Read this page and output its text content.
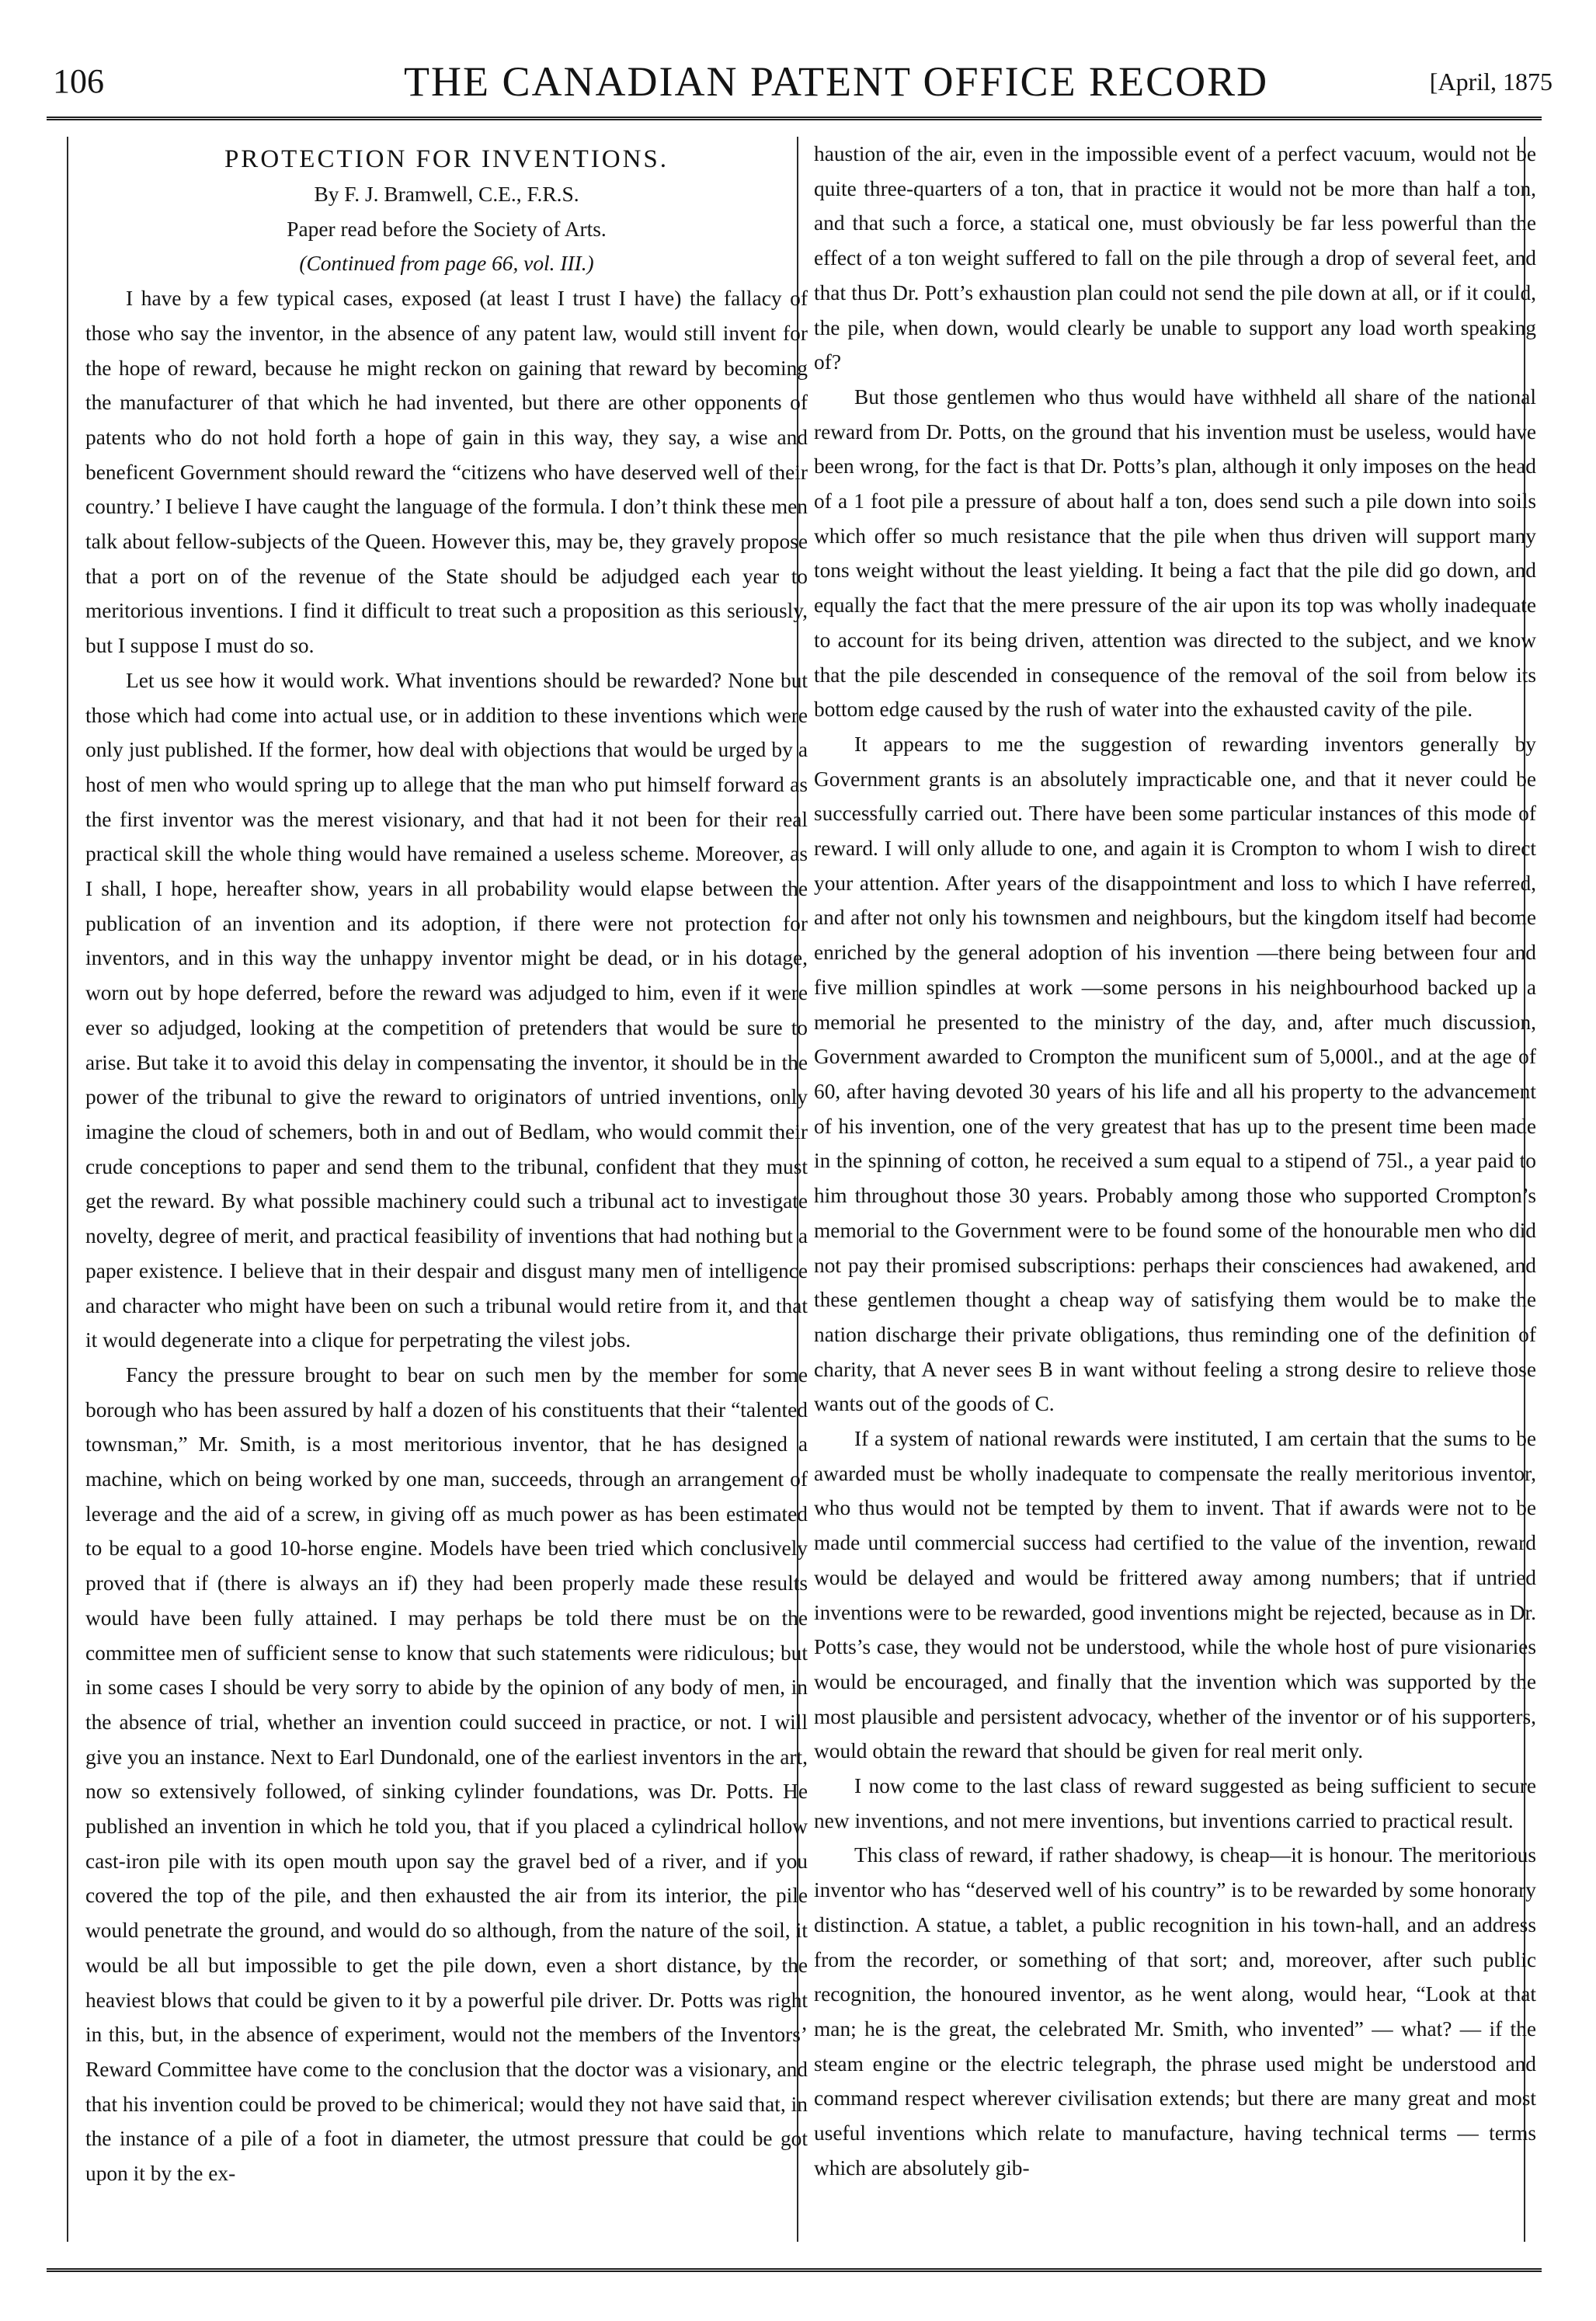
106	THE CANADIAN PATENT OFFICE RECORD	[April, 1875
PROTECTION FOR INVENTIONS.
By F. J. Bramwell, C.E., F.R.S.
Paper read before the Society of Arts.
(Continued from page 66, vol. III.)

I have by a few typical cases, exposed (at least I trust I have) the fallacy of those who say the inventor, in the absence of any patent law, would still invent for the hope of reward, because he might reckon on gaining that reward by becoming the manufacturer of that which he had invented, but there are other opponents of patents who do not hold forth a hope of gain in this way, they say, a wise and beneficent Government should reward the “citizens who have deserved well of their country.’ I believe I have caught the language of the formula. I don’t think these men talk about fellow-subjects of the Queen. However this, may be, they gravely propose that a port on of the revenue of the State should be adjudged each year to meritorious inventions. I find it difficult to treat such a proposition as this seriously, but I suppose I must do so.

Let us see how it would work. What inventions should be rewarded? None but those which had come into actual use, or in addition to these inventions which were only just published. If the former, how deal with objections that would be urged by a host of men who would spring up to allege that the man who put himself forward as the first inventor was the merest visionary, and that had it not been for their real practical skill the whole thing would have remained a useless scheme. Moreover, as I shall, I hope, hereafter show, years in all probability would elapse between the publication of an invention and its adoption, if there were not protection for inventors, and in this way the unhappy inventor might be dead, or in his dotage, worn out by hope deferred, before the reward was adjudged to him, even if it were ever so adjudged, looking at the competition of pretenders that would be sure to arise. But take it to avoid this delay in compensating the inventor, it should be in the power of the tribunal to give the reward to originators of untried inventions, only imagine the cloud of schemers, both in and out of Bedlam, who would commit their crude conceptions to paper and send them to the tribunal, confident that they must get the reward. By what possible machinery could such a tribunal act to investigate novelty, degree of merit, and practical feasibility of inventions that had nothing but a paper existence. I believe that in their despair and disgust many men of intelligence and character who might have been on such a tribunal would retire from it, and that it would degenerate into a clique for perpetrating the vilest jobs.

Fancy the pressure brought to bear on such men by the member for some borough who has been assured by half a dozen of his constituents that their “talented townsman,” Mr. Smith, is a most meritorious inventor, that he has designed a machine, which on being worked by one man, succeeds, through an arrangement of leverage and the aid of a screw, in giving off as much power as has been estimated to be equal to a good 10-horse engine. Models have been tried which conclusively proved that if (there is always an if) they had been properly made these results would have been fully attained. I may perhaps be told there must be on the committee men of sufficient sense to know that such statements were ridiculous; but in some cases I should be very sorry to abide by the opinion of any body of men, in the absence of trial, whether an invention could succeed in practice, or not. I will give you an instance. Next to Earl Dundonald, one of the earliest inventors in the art, now so extensively followed, of sinking cylinder foundations, was Dr. Potts. He published an invention in which he told you, that if you placed a cylindrical hollow cast-iron pile with its open mouth upon say the gravel bed of a river, and if you covered the top of the pile, and then exhausted the air from its interior, the pile would penetrate the ground, and would do so although, from the nature of the soil, it would be all but impossible to get the pile down, even a short distance, by the heaviest blows that could be given to it by a powerful pile driver. Dr. Potts was right in this, but, in the absence of experiment, would not the members of the Inventors’ Reward Committee have come to the conclusion that the doctor was a visionary, and that his invention could be proved to be chimerical; would they not have said that, in the instance of a pile of a foot in diameter, the utmost pressure that could be got upon it by the ex-

haustion of the air, even in the impossible event of a perfect vacuum, would not be quite three-quarters of a ton, that in practice it would not be more than half a ton, and that such a force, a statical one, must obviously be far less powerful than the effect of a ton weight suffered to fall on the pile through a drop of several feet, and that thus Dr. Pott’s exhaustion plan could not send the pile down at all, or if it could, the pile, when down, would clearly be unable to support any load worth speaking of?

But those gentlemen who thus would have withheld all share of the national reward from Dr. Potts, on the ground that his invention must be useless, would have been wrong, for the fact is that Dr. Potts’s plan, although it only imposes on the head of a 1 foot pile a pressure of about half a ton, does send such a pile down into soils which offer so much resistance that the pile when thus driven will support many tons weight without the least yielding. It being a fact that the pile did go down, and equally the fact that the mere pressure of the air upon its top was wholly inadequate to account for its being driven, attention was directed to the subject, and we know that the pile descended in consequence of the removal of the soil from below its bottom edge caused by the rush of water into the exhausted cavity of the pile.

It appears to me the suggestion of rewarding inventors generally by Government grants is an absolutely impracticable one, and that it never could be successfully carried out. There have been some particular instances of this mode of reward. I will only allude to one, and again it is Crompton to whom I wish to direct your attention. After years of the disappointment and loss to which I have referred, and after not only his townsmen and neighbours, but the kingdom itself had become enriched by the general adoption of his invention —there being between four and five million spindles at work —some persons in his neighbourhood backed up a memorial he presented to the ministry of the day, and, after much discussion, Government awarded to Crompton the munificent sum of 5,000l., and at the age of 60, after having devoted 30 years of his life and all his property to the advancement of his invention, one of the very greatest that has up to the present time been made in the spinning of cotton, he received a sum equal to a stipend of 75l., a year paid to him throughout those 30 years. Probably among those who supported Crompton’s memorial to the Government were to be found some of the honourable men who did not pay their promised subscriptions: perhaps their consciences had awakened, and these gentlemen thought a cheap way of satisfying them would be to make the nation discharge their private obligations, thus reminding one of the definition of charity, that A never sees B in want without feeling a strong desire to relieve those wants out of the goods of C.

If a system of national rewards were instituted, I am certain that the sums to be awarded must be wholly inadequate to compensate the really meritorious inventor, who thus would not be tempted by them to invent. That if awards were not to be made until commercial success had certified to the value of the invention, reward would be delayed and would be frittered away among numbers; that if untried inventions were to be rewarded, good inventions might be rejected, because as in Dr. Potts’s case, they would not be understood, while the whole host of pure visionaries would be encouraged, and finally that the invention which was supported by the most plausible and persistent advocacy, whether of the inventor or of his supporters, would obtain the reward that should be given for real merit only.

I now come to the last class of reward suggested as being sufficient to secure new inventions, and not mere inventions, but inventions carried to practical result.

This class of reward, if rather shadowy, is cheap—it is honour. The meritorious inventor who has “deserved well of his country” is to be rewarded by some honorary distinction. A statue, a tablet, a public recognition in his town-hall, and an address from the recorder, or something of that sort; and, moreover, after such public recognition, the honoured inventor, as he went along, would hear, “Look at that man; he is the great, the celebrated Mr. Smith, who invented” — what? — if the steam engine or the electric telegraph, the phrase used might be understood and command respect wherever civilisation extends; but there are many great and most useful inventions which relate to manufacture, having technical terms — terms which are absolutely gib-
